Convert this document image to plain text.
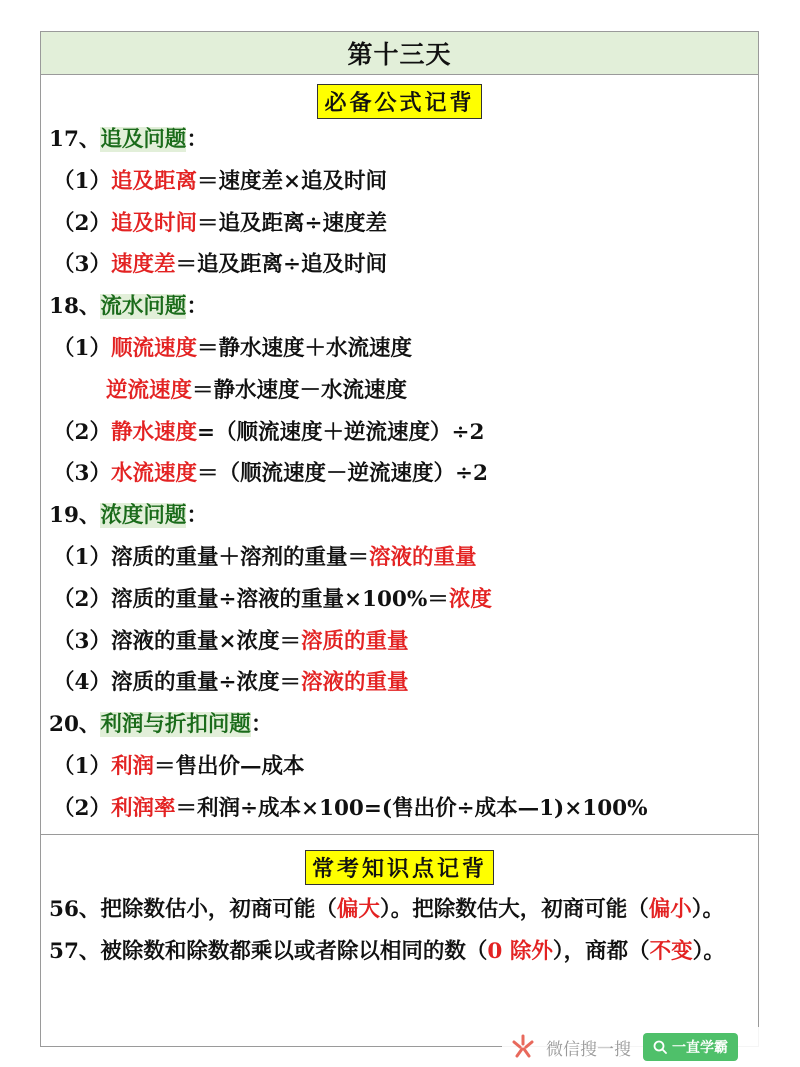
第十三天
必备公式记背
17、追及问题：
（1）追及距离＝速度差×追及时间
（2）追及时间＝追及距离÷速度差
（3）速度差＝追及距离÷追及时间
18、流水问题：
（1）顺流速度＝静水速度＋水流速度
逆流速度＝静水速度－水流速度
（2）静水速度=（顺流速度＋逆流速度）÷2
（3）水流速度＝（顺流速度－逆流速度）÷2
19、浓度问题：
（1）溶质的重量＋溶剂的重量＝溶液的重量
（2）溶质的重量÷溶液的重量×100%＝浓度
（3）溶液的重量×浓度＝溶质的重量
（4）溶质的重量÷浓度＝溶液的重量
20、利润与折扣问题：
（1）利润＝售出价—成本
（2）利润率＝利润÷成本×100=(售出价÷成本—1)×100%
常考知识点记背
56、把除数估小，初商可能（偏大）。把除数估大，初商可能（偏小）。
57、被除数和除数都乘以或者除以相同的数（0 除外），商都（不变）。
微信搜一搜	一直学霸
